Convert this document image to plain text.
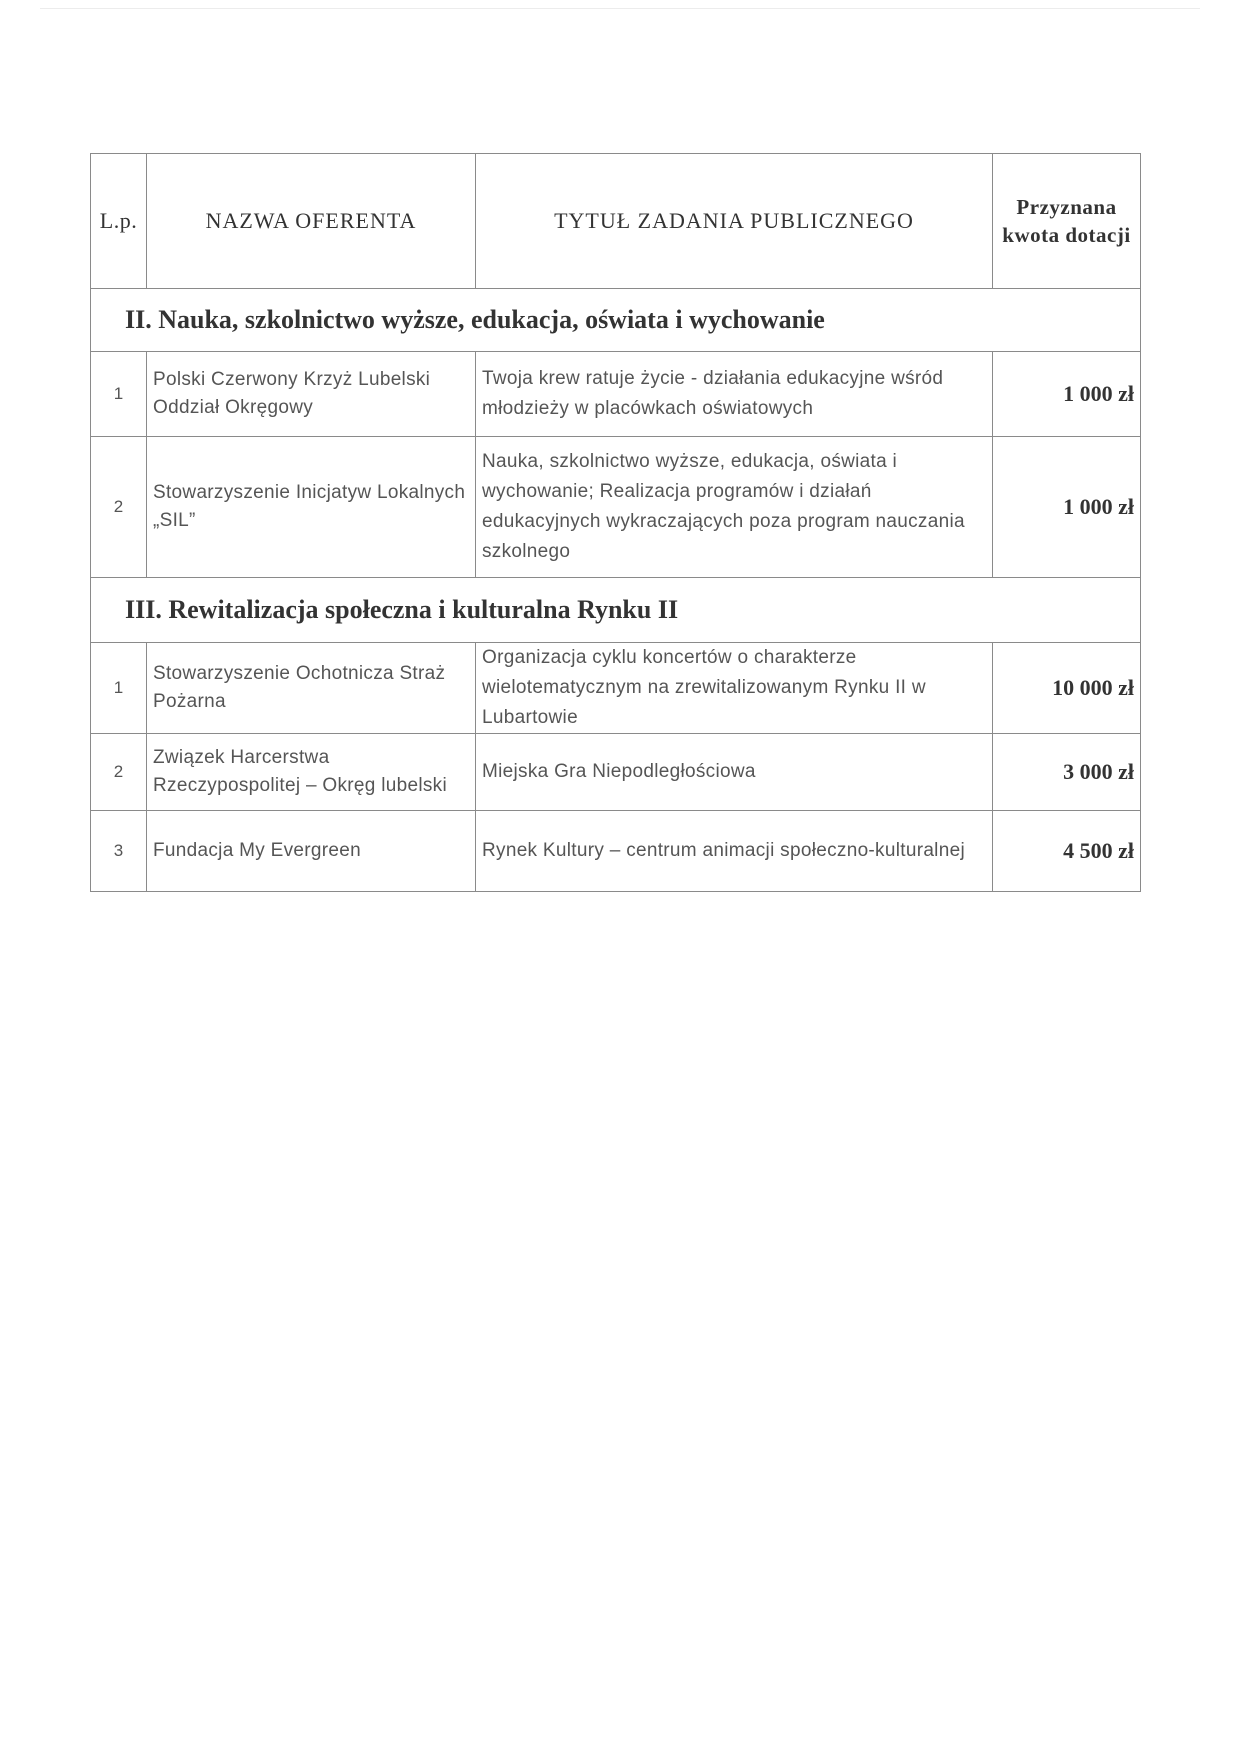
L.p.	NAZWA OFERENTA	TYTUŁ ZADANIA PUBLICZNEGO	Przyznana kwota dotacji
II. Nauka, szkolnictwo wyższe, edukacja, oświata i wychowanie			
1	Polski Czerwony Krzyż Lubelski Oddział Okręgowy	Twoja krew ratuje życie - działania edukacyjne wśród młodzieży w placówkach oświatowych	1 000 zł
2	Stowarzyszenie Inicjatyw Lokalnych „SIL”	Nauka, szkolnictwo wyższe, edukacja, oświata i wychowanie; Realizacja programów i działań edukacyjnych wykraczających poza program nauczania szkolnego	1 000 zł
III. Rewitalizacja społeczna i kulturalna Rynku II			
1	Stowarzyszenie Ochotnicza Straż Pożarna	Organizacja cyklu koncertów o charakterze wielotematycznym na zrewitalizowanym Rynku II w Lubartowie	10 000 zł
2	Związek Harcerstwa Rzeczypospolitej – Okręg lubelski	Miejska Gra Niepodległościowa	3 000 zł
3	Fundacja My Evergreen	Rynek Kultury – centrum animacji społeczno-kulturalnej	4 500 zł
